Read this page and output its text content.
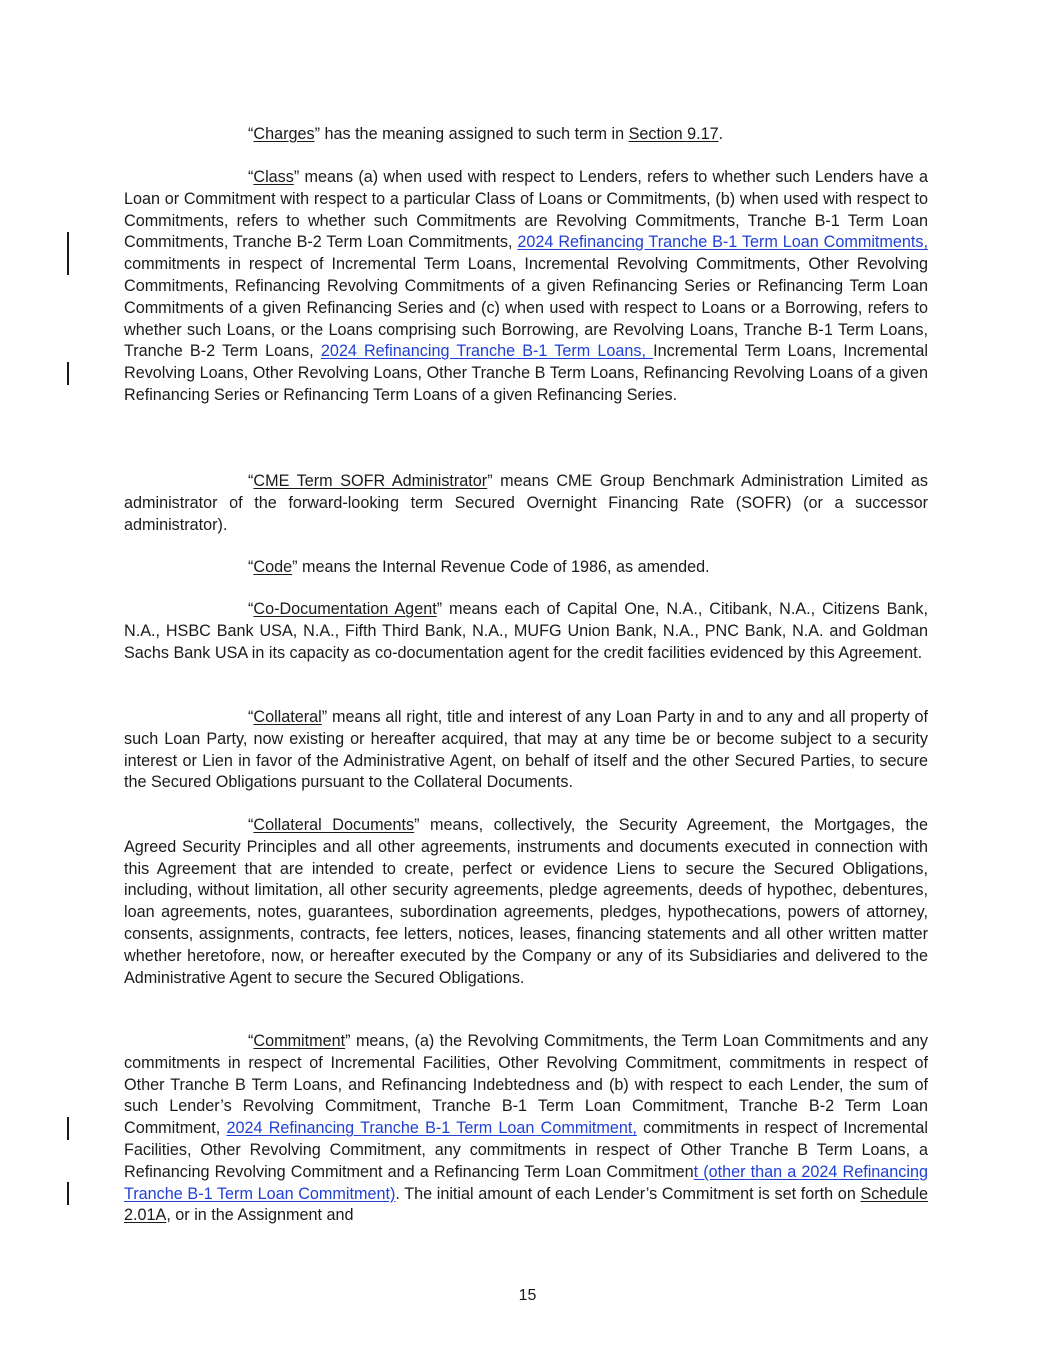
“Charges” has the meaning assigned to such term in Section 9.17.

“Class” means (a) when used with respect to Lenders, refers to whether such Lenders have a Loan or Commitment with respect to a particular Class of Loans or Commitments, (b) when used with respect to Commitments, refers to whether such Commitments are Revolving Commitments, Tranche B-1 Term Loan Commitments, Tranche B-2 Term Loan Commitments, 2024 Refinancing Tranche B-1 Term Loan Commitments, commitments in respect of Incremental Term Loans, Incremental Revolving Commitments, Other Revolving Commitments, Refinancing Revolving Commitments of a given Refinancing Series or Refinancing Term Loan Commitments of a given Refinancing Series and (c) when used with respect to Loans or a Borrowing, refers to whether such Loans, or the Loans comprising such Borrowing, are Revolving Loans, Tranche B-1 Term Loans, Tranche B-2 Term Loans, 2024 Refinancing Tranche B-1 Term Loans, Incremental Term Loans, Incremental Revolving Loans, Other Revolving Loans, Other Tranche B Term Loans, Refinancing Revolving Loans of a given Refinancing Series or Refinancing Term Loans of a given Refinancing Series.

“CME Term SOFR Administrator” means CME Group Benchmark Administration Limited as administrator of the forward-looking term Secured Overnight Financing Rate (SOFR) (or a successor administrator).

“Code” means the Internal Revenue Code of 1986, as amended.

“Co-Documentation Agent” means each of Capital One, N.A., Citibank, N.A., Citizens Bank, N.A., HSBC Bank USA, N.A., Fifth Third Bank, N.A., MUFG Union Bank, N.A., PNC Bank, N.A. and Goldman Sachs Bank USA in its capacity as co-documentation agent for the credit facilities evidenced by this Agreement.

“Collateral” means all right, title and interest of any Loan Party in and to any and all property of such Loan Party, now existing or hereafter acquired, that may at any time be or become subject to a security interest or Lien in favor of the Administrative Agent, on behalf of itself and the other Secured Parties, to secure the Secured Obligations pursuant to the Collateral Documents.

“Collateral Documents” means, collectively, the Security Agreement, the Mortgages, the Agreed Security Principles and all other agreements, instruments and documents executed in connection with this Agreement that are intended to create, perfect or evidence Liens to secure the Secured Obligations, including, without limitation, all other security agreements, pledge agreements, deeds of hypothec, debentures, loan agreements, notes, guarantees, subordination agreements, pledges, hypothecations, powers of attorney, consents, assignments, contracts, fee letters, notices, leases, financing statements and all other written matter whether heretofore, now, or hereafter executed by the Company or any of its Subsidiaries and delivered to the Administrative Agent to secure the Secured Obligations.

“Commitment” means, (a) the Revolving Commitments, the Term Loan Commitments and any commitments in respect of Incremental Facilities, Other Revolving Commitment, commitments in respect of Other Tranche B Term Loans, and Refinancing Indebtedness and (b) with respect to each Lender, the sum of such Lender’s Revolving Commitment, Tranche B-1 Term Loan Commitment, Tranche B-2 Term Loan Commitment, 2024 Refinancing Tranche B-1 Term Loan Commitment, commitments in respect of Incremental Facilities, Other Revolving Commitment, any commitments in respect of Other Tranche B Term Loans, a Refinancing Revolving Commitment and a Refinancing Term Loan Commitment (other than a 2024 Refinancing Tranche B-1 Term Loan Commitment). The initial amount of each Lender’s Commitment is set forth on Schedule 2.01A, or in the Assignment and

15
